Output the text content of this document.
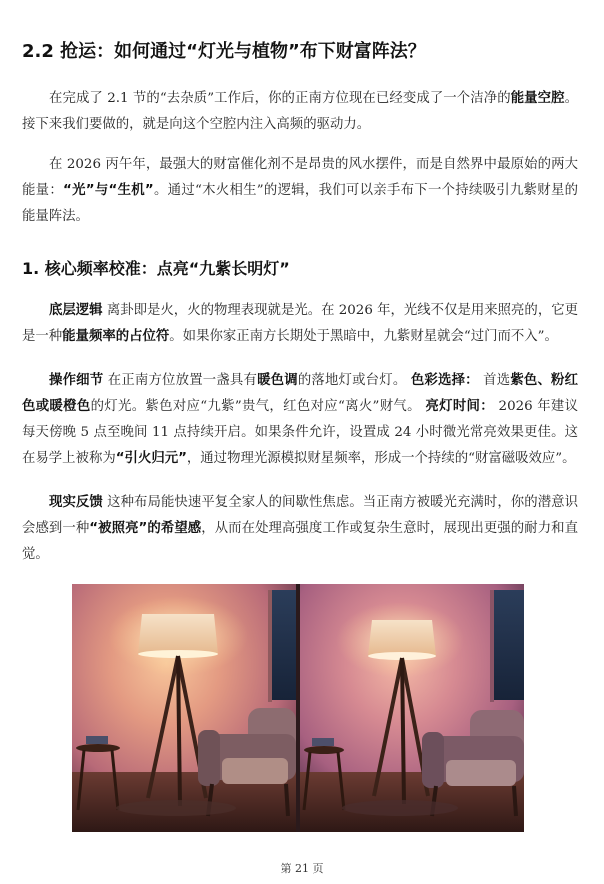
2.2 抢运：如何通过“灯光与植物”布下财富阵法？
在完成了 2.1 节的“去杂质”工作后，你的正南方位现在已经变成了一个洁净的能量空腔。接下来我们要做的，就是向这个空腔内注入高频的驱动力。
在 2026 丙午年，最强大的财富催化剂不是昂贵的风水摆件，而是自然界中最原始的两大能量：“光”与“生机”。通过“木火相生”的逻辑，我们可以亲手布下一个持续吸引九紫财星的能量阵法。
1. 核心频率校准：点亮“九紫长明灯”
底层逻辑 离卦即是火，火的物理表现就是光。在 2026 年，光线不仅是用来照亮的，它更是一种能量频率的占位符。如果你家正南方长期处于黑暗中，九紫财星就会“过门而不入”。
操作细节 在正南方位放置一盏具有暖色调的落地灯或台灯。 色彩选择： 首选紫色、粉红色或暖橙色的灯光。紫色对应“九紫”贵气，红色对应“离火”财气。 亮灯时间： 2026 年建议每天傍晚 5 点至晚间 11 点持续开启。如果条件允许，设置成 24 小时微光常亮效果更佳。这在易学上被称为“引火归元”，通过物理光源模拟财星频率，形成一个持续的“财富磁吸效应”。
现实反馈 这种布局能快速平复全家人的间歇性焦虑。当正南方被暖光充满时，你的潜意识会感到一种“被照亮”的希望感，从而在处理高强度工作或复杂生意时，展现出更强的耐力和直觉。
第 21 页
